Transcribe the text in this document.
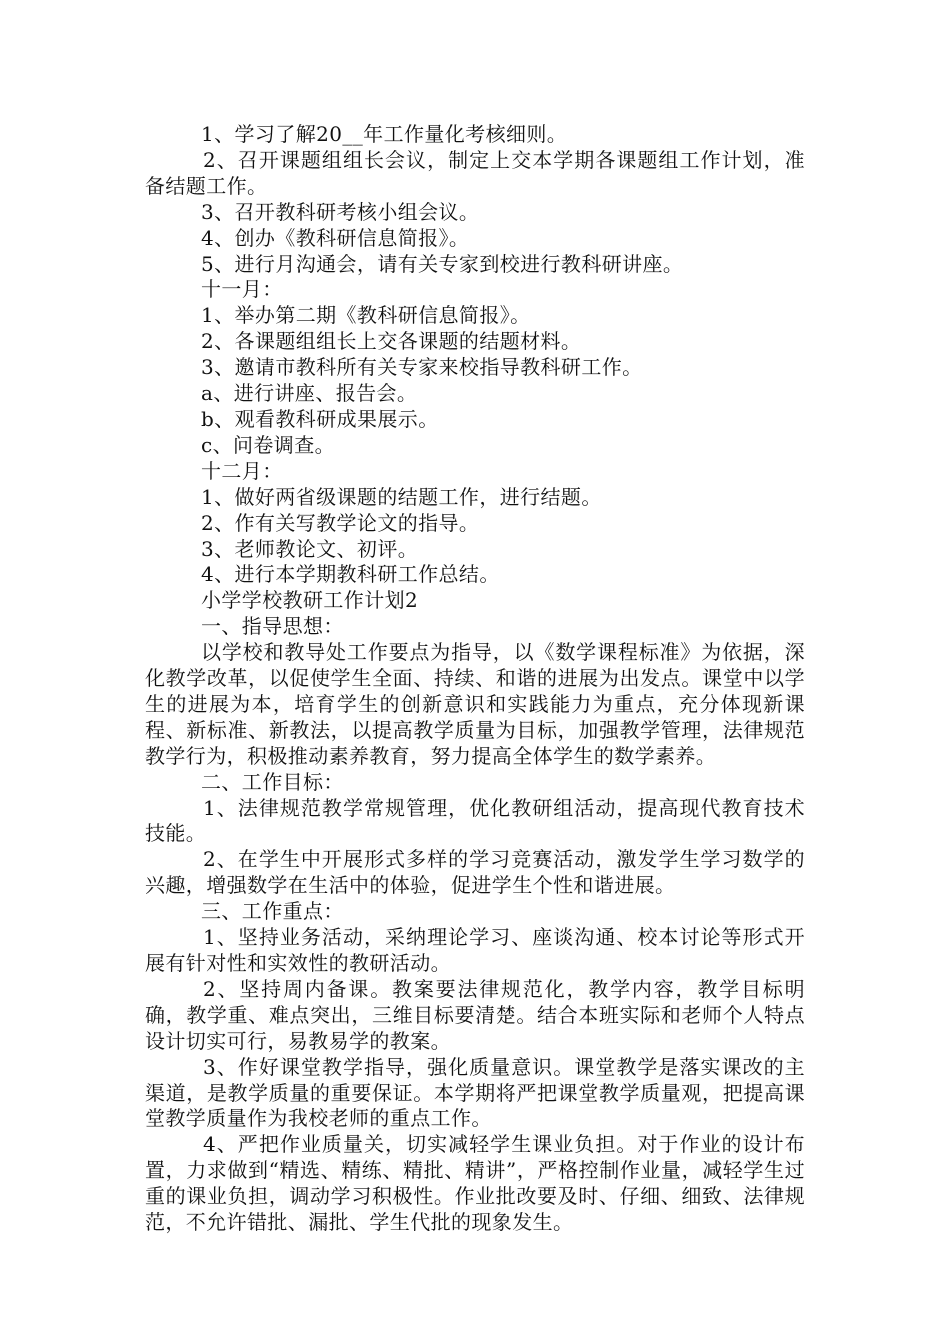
1、学习了解20__年工作量化考核细则。

2、召开课题组组长会议，制定上交本学期各课题组工作计划，准备结题工作。

3、召开教科研考核小组会议。

4、创办《教科研信息简报》。

5、进行月沟通会，请有关专家到校进行教科研讲座。

十一月：

1、举办第二期《教科研信息简报》。

2、各课题组组长上交各课题的结题材料。

3、邀请市教科所有关专家来校指导教科研工作。

a、进行讲座、报告会。

b、观看教科研成果展示。

c、问卷调查。

十二月：

1、做好两省级课题的结题工作，进行结题。

2、作有关写教学论文的指导。

3、老师教论文、初评。

4、进行本学期教科研工作总结。

小学学校教研工作计划2

一、指导思想：

以学校和教导处工作要点为指导，以《数学课程标准》为依据，深化教学改革，以促使学生全面、持续、和谐的进展为出发点。课堂中以学生的进展为本，培育学生的创新意识和实践能力为重点，充分体现新课程、新标准、新教法，以提高教学质量为目标，加强教学管理，法律规范教学行为，积极推动素养教育，努力提高全体学生的数学素养。

二、工作目标：

1、法律规范教学常规管理，优化教研组活动，提高现代教育技术技能。

2、在学生中开展形式多样的学习竞赛活动，激发学生学习数学的兴趣，增强数学在生活中的体验，促进学生个性和谐进展。

三、工作重点：

1、坚持业务活动，采纳理论学习、座谈沟通、校本讨论等形式开展有针对性和实效性的教研活动。

2、坚持周内备课。教案要法律规范化，教学内容，教学目标明确，教学重、难点突出，三维目标要清楚。结合本班实际和老师个人特点设计切实可行，易教易学的教案。

3、作好课堂教学指导，强化质量意识。课堂教学是落实课改的主渠道，是教学质量的重要保证。本学期将严把课堂教学质量观，把提高课堂教学质量作为我校老师的重点工作。

4、严把作业质量关，切实减轻学生课业负担。对于作业的设计布置，力求做到“精选、精练、精批、精讲”，严格控制作业量，减轻学生过重的课业负担，调动学习积极性。作业批改要及时、仔细、细致、法律规范，不允许错批、漏批、学生代批的现象发生。
